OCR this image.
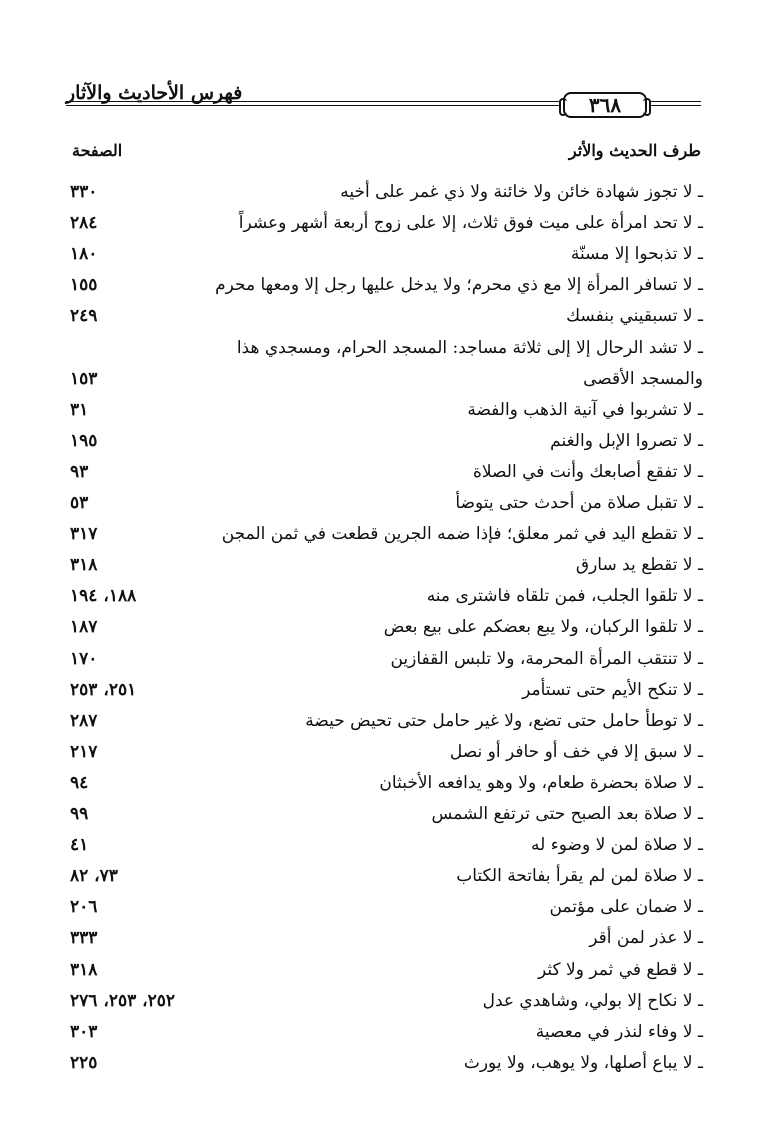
فهرس الأحاديث والآثار	٣٦٨
طرف الحديث والأثر
الصفحة
ـ لا تجوز شهادة خائن ولا خائنة ولا ذي غمر على أخيه
٣٣٠
ـ لا تحد امرأة على ميت فوق ثلاث، إلا على زوج أربعة أشهر وعشراً
٢٨٤
ـ لا تذبحوا إلا مسنّة
١٨٠
ـ لا تسافر المرأة إلا مع ذي محرم؛ ولا يدخل عليها رجل إلا ومعها محرم
١٥٥
ـ لا تسبقيني بنفسك
٢٤٩
ـ لا تشد الرحال إلا إلى ثلاثة مساجد: المسجد الحرام، ومسجدي هذا
والمسجد الأقصى
١٥٣
ـ لا تشربوا في آنية الذهب والفضة
٣١
ـ لا تصروا الإبل والغنم
١٩٥
ـ لا تفقع أصابعك وأنت في الصلاة
٩٣
ـ لا تقبل صلاة من أحدث حتى يتوضأ
٥٣
ـ لا تقطع اليد في ثمر معلق؛ فإذا ضمه الجرين قطعت في ثمن المجن
٣١٧
ـ لا تقطع يد سارق
٣١٨
ـ لا تلقوا الجلب، فمن تلقاه فاشترى منه
١٨٨، ١٩٤
ـ لا تلقوا الركبان، ولا يبع بعضكم على بيع بعض
١٨٧
ـ لا تنتقب المرأة المحرمة، ولا تلبس القفازين
١٧٠
ـ لا تنكح الأيم حتى تستأمر
٢٥١، ٢٥٣
ـ لا توطأ حامل حتى تضع، ولا غير حامل حتى تحيض حيضة
٢٨٧
ـ لا سبق إلا في خف أو حافر أو نصل
٢١٧
ـ لا صلاة بحضرة طعام، ولا وهو يدافعه الأخبثان
٩٤
ـ لا صلاة بعد الصبح حتى ترتفع الشمس
٩٩
ـ لا صلاة لمن لا وضوء له
٤١
ـ لا صلاة لمن لم يقرأ بفاتحة الكتاب
٧٣، ٨٢
ـ لا ضمان على مؤتمن
٢٠٦
ـ لا عذر لمن أقر
٣٣٣
ـ لا قطع في ثمر ولا كثر
٣١٨
ـ لا نكاح إلا بولي، وشاهدي عدل
٢٥٢، ٢٥٣، ٢٧٦
ـ لا وفاء لنذر في معصية
٣٠٣
ـ لا يباع أصلها، ولا يوهب، ولا يورث
٢٢٥
